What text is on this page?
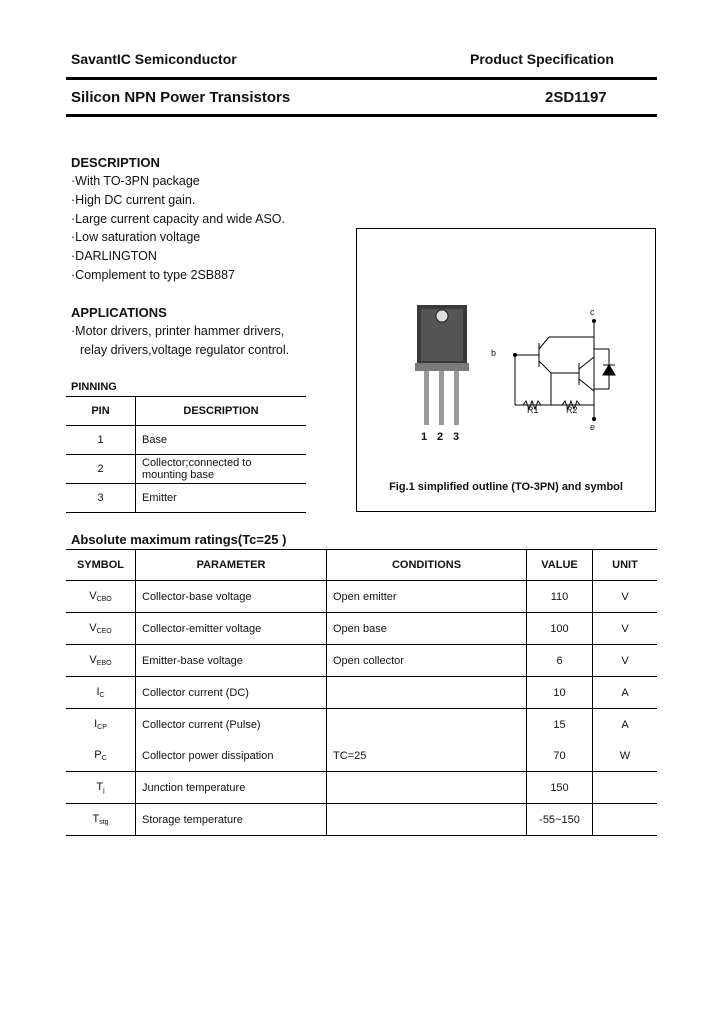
SavantIC Semiconductor	Product Specification
Silicon NPN Power Transistors	2SD1197
DESCRIPTION
·With TO-3PN package
·High DC current gain.
·Large current capacity and wide ASO.
·Low saturation voltage
·DARLINGTON
·Complement to type 2SB887
APPLICATIONS
·Motor drivers, printer hammer drivers,
relay drivers,voltage regulator control.
PINNING
PIN	DESCRIPTION
1	Base
2	Collector;connected to mounting base
3	Emitter
c
b
e
R1	R2
1 2 3
Fig.1 simplified outline (TO-3PN) and symbol
Absolute maximum ratings(Tc=25 )
SYMBOL	PARAMETER	CONDITIONS	VALUE	UNIT
$V_{CBO}$	Collector-base voltage	Open emitter	110	V
$V_{CEO}$	Collector-emitter voltage	Open base	100	V
$V_{EBO}$	Emitter-base voltage	Open collector	6	V
$I_C$	Collector current (DC)		10	A
$I_{CP}$	Collector current (Pulse)		15	A
$P_C$	Collector power dissipation	TC=25	70	W
$T_j$	Junction temperature		150	
$T_{stg}$	Storage temperature		-55~150	
